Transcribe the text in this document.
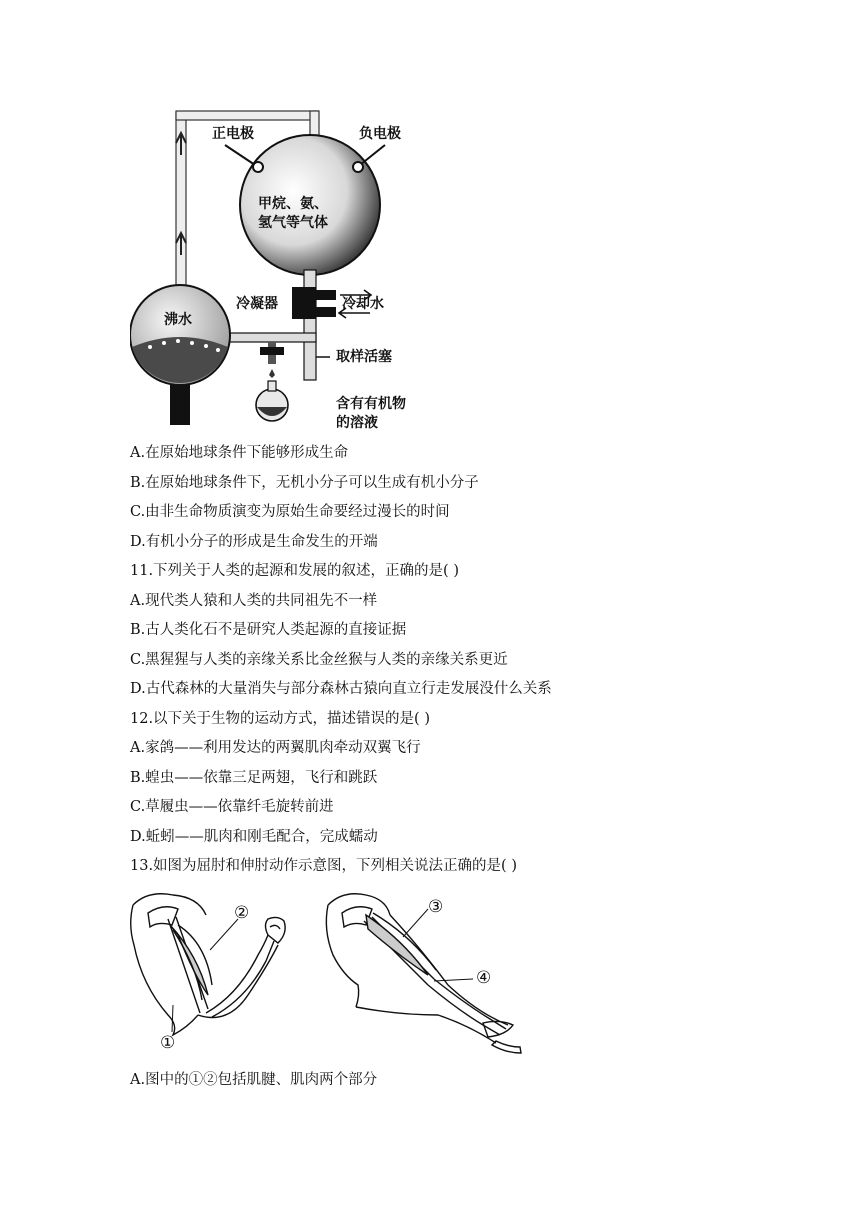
正电极	负电极
甲烷、氨、
氢气等气体
冷凝器	冷却水
沸水
取样活塞
含有有机物
的溶液
A.在原始地球条件下能够形成生命
B.在原始地球条件下，无机小分子可以生成有机小分子
C.由非生命物质演变为原始生命要经过漫长的时间
D.有机小分子的形成是生命发生的开端
11.下列关于人类的起源和发展的叙述，正确的是( )
A.现代类人猿和人类的共同祖先不一样
B.古人类化石不是研究人类起源的直接证据
C.黑猩猩与人类的亲缘关系比金丝猴与人类的亲缘关系更近
D.古代森林的大量消失与部分森林古猿向直立行走发展没什么关系
12.以下关于生物的运动方式，描述错误的是( )
A.家鸽——利用发达的两翼肌肉牵动双翼飞行
B.蝗虫——依靠三足两翅，飞行和跳跃
C.草履虫——依靠纤毛旋转前进
D.蚯蚓——肌肉和刚毛配合，完成蠕动
13.如图为屈肘和伸肘动作示意图，下列相关说法正确的是( )
①
②	③
④
A.图中的①②包括肌腱、肌肉两个部分
